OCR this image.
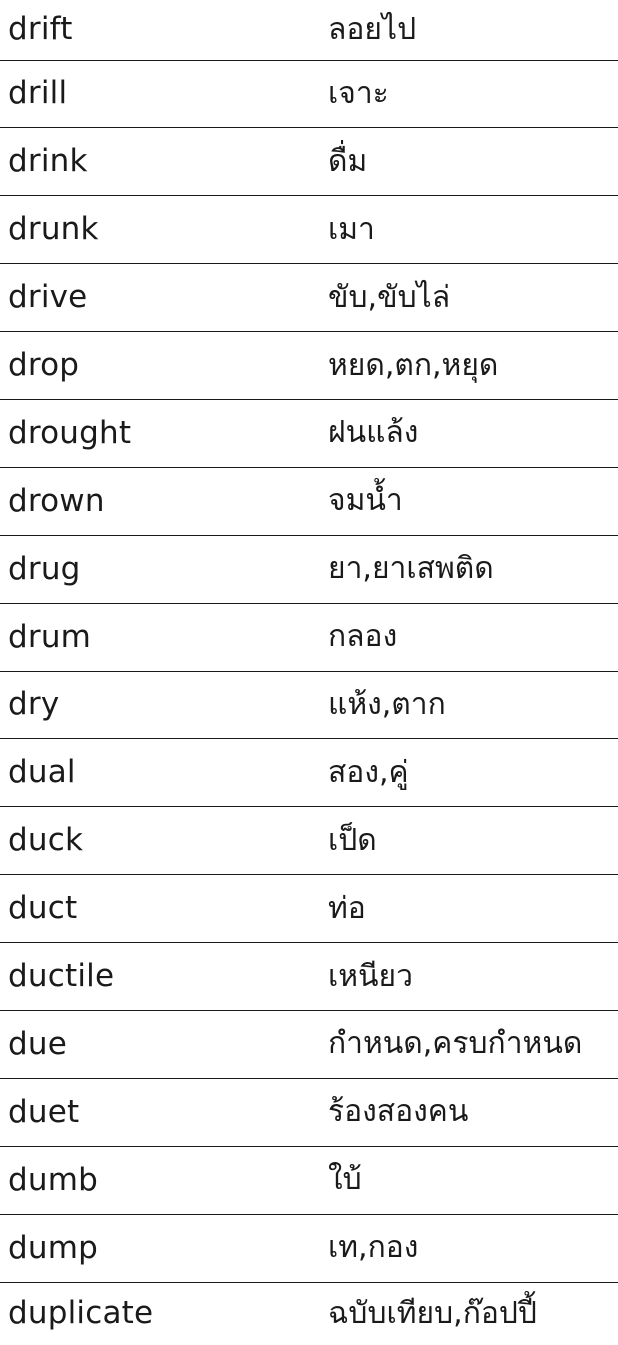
drift	ลอยไป
drill	เจาะ
drink	ดื่ม
drunk	เมา
drive	ขับ,ขับไล่
drop	หยด,ตก,หยุด
drought	ฝนแล้ง
drown	จมน้ำ
drug	ยา,ยาเสพติด
drum	กลอง
dry	แห้ง,ตาก
dual	สอง,คู่
duck	เป็ด
duct	ท่อ
ductile	เหนียว
due	กำหนด,ครบกำหนด
duet	ร้องสองคน
dumb	ใบ้
dump	เท,กอง
duplicate	ฉบับเทียบ,ก๊อปปี้
